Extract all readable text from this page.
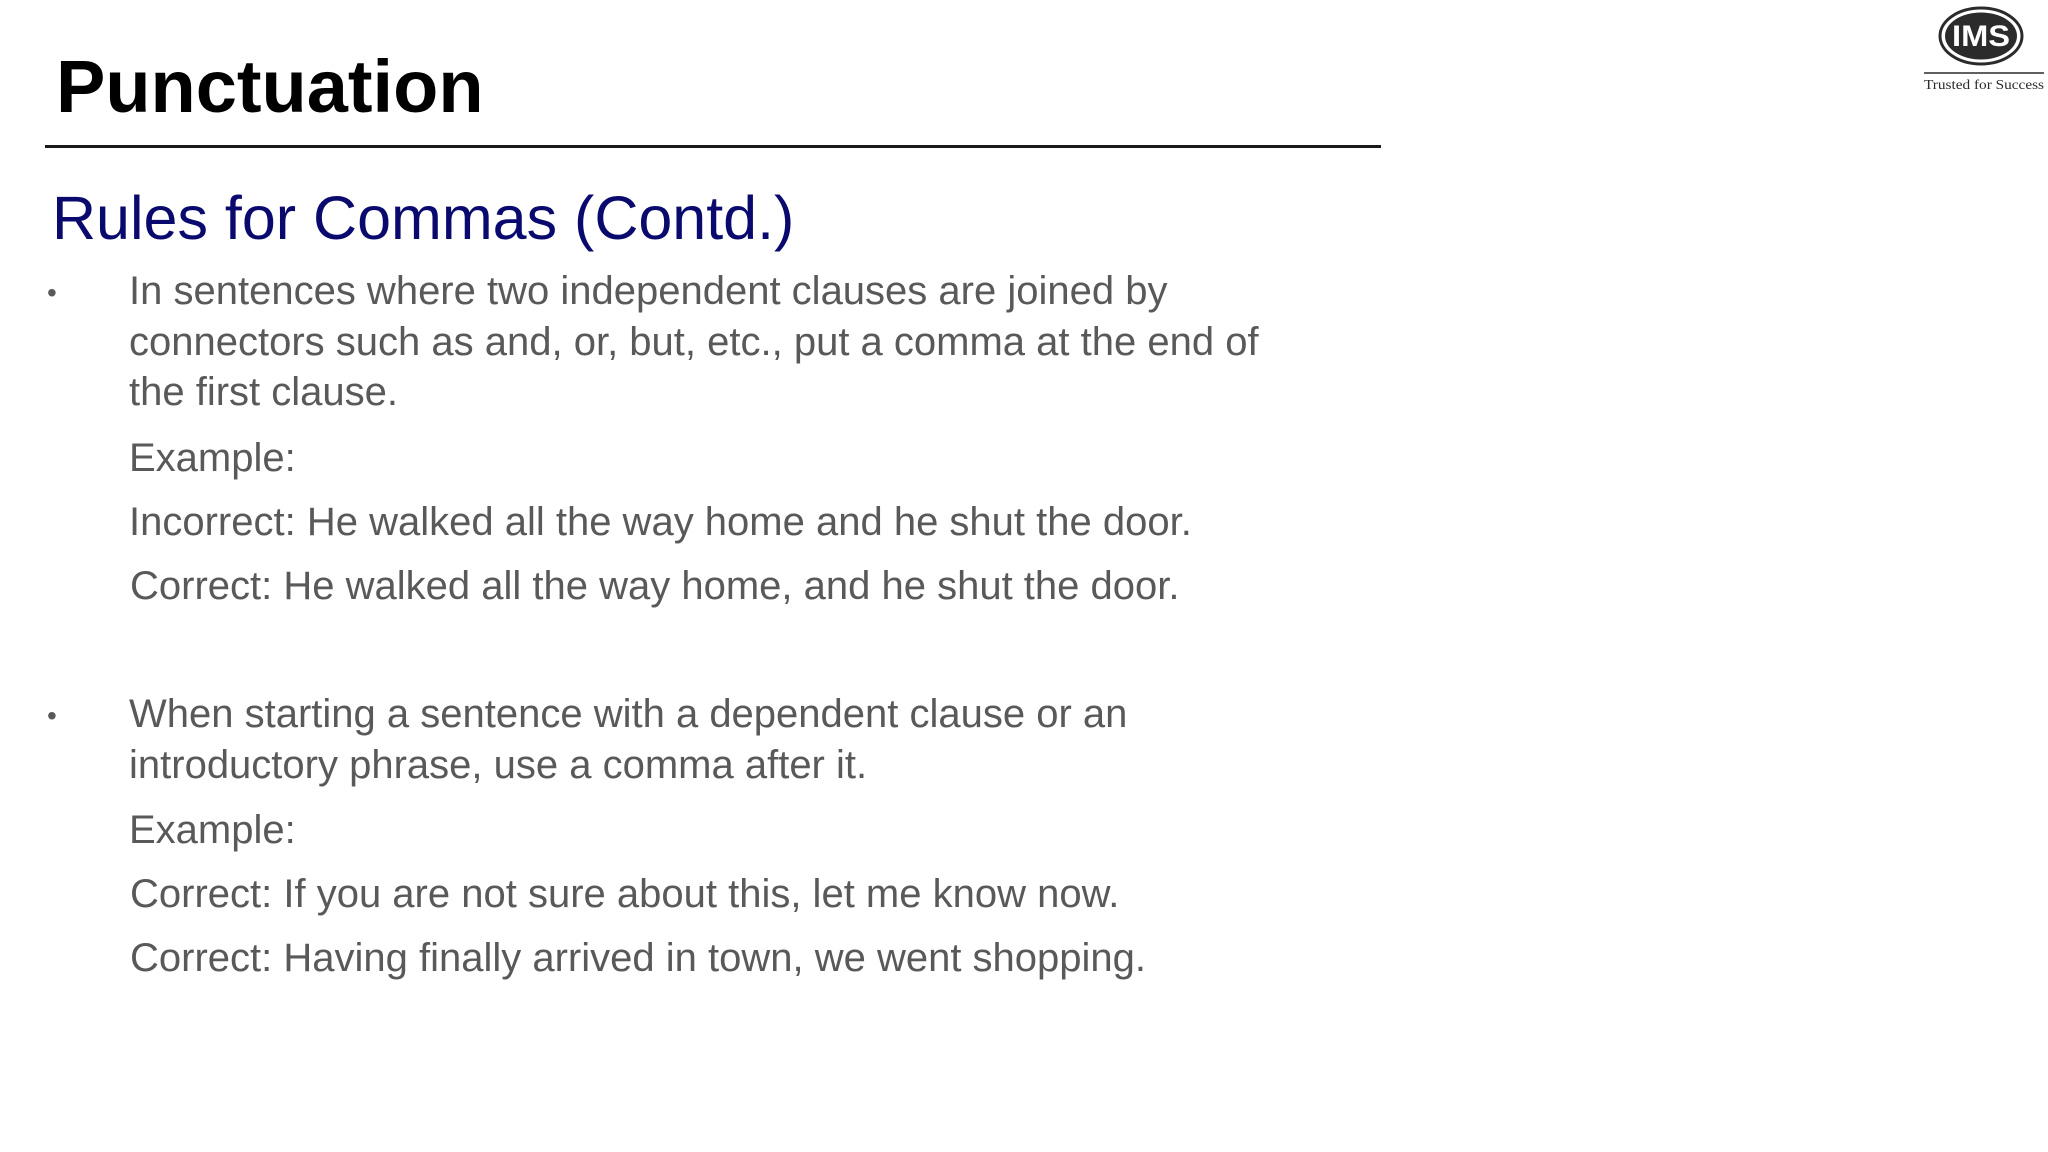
Punctuation
IMS
Trusted for Success
Rules for Commas (Contd.)
• In sentences where two independent clauses are joined by connectors such as and, or, but, etc., put a comma at the end of the first clause.
Example:
Incorrect: He walked all the way home and he shut the door.
Correct: He walked all the way home, and he shut the door.
• When starting a sentence with a dependent clause or an introductory phrase, use a comma after it.
Example:
Correct: If you are not sure about this, let me know now.
Correct: Having finally arrived in town, we went shopping.
